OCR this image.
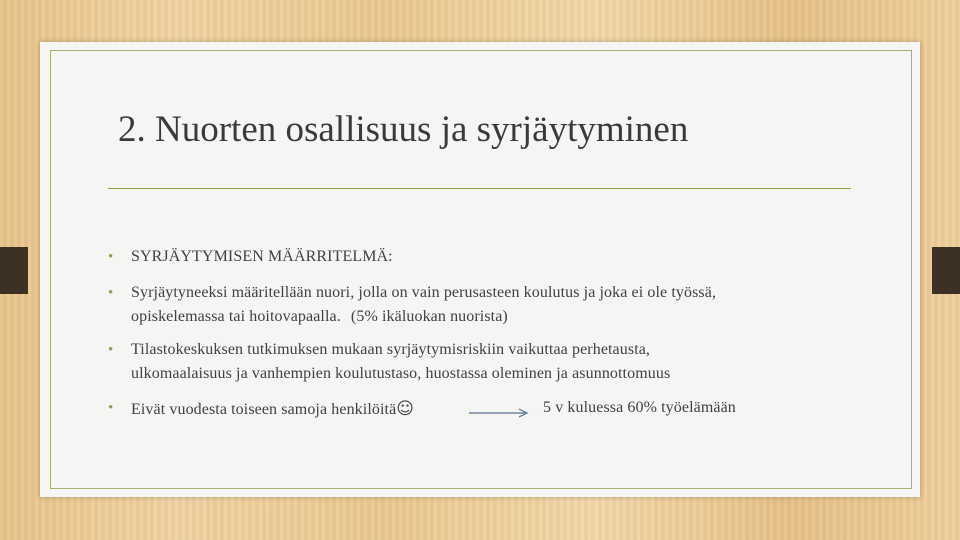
2. Nuorten osallisuus ja syrjäytyminen
• SYRJÄYTYMISEN MÄÄRRITELMÄ:
• Syrjäytyneeksi määritellään nuori, jolla on vain perusasteen koulutus ja joka ei ole työssä,
opiskelemassa tai hoitovapaalla. (5% ikäluokan nuorista)
• Tilastokeskuksen tutkimuksen mukaan syrjäytymisriskiin vaikuttaa perhetausta,
ulkomaalaisuus ja vanhempien koulutustaso, huostassa oleminen ja asunnottomuus
• Eivät vuodesta toiseen samoja henkilöitä☺	5 v kuluessa 60% työelämään
